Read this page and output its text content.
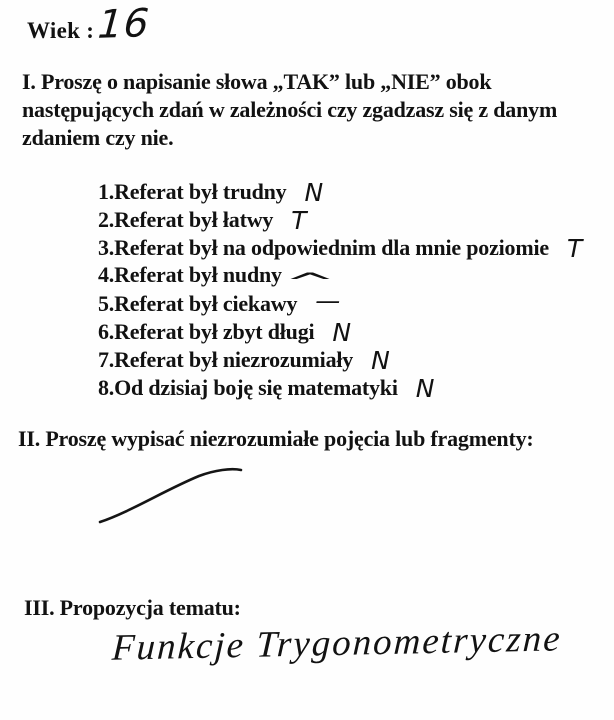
Wiek : 16
I. Proszę o napisanie słowa „TAK” lub „NIE” obok następujących zdań w zależności czy zgadzasz się z danym zdaniem czy nie.
1.Referat był trudny N
2.Referat był łatwy T
3.Referat był na odpowiednim dla mnie poziomie T
4.Referat był nudny ^
5.Referat był ciekawy —
6.Referat był zbyt długi N
7.Referat był niezrozumiały N
8.Od dzisiaj boję się matematyki N
II. Proszę wypisać niezrozumiałe pojęcia lub fragmenty:
III. Propozycja tematu:
Funkcje Trygonometryczne
